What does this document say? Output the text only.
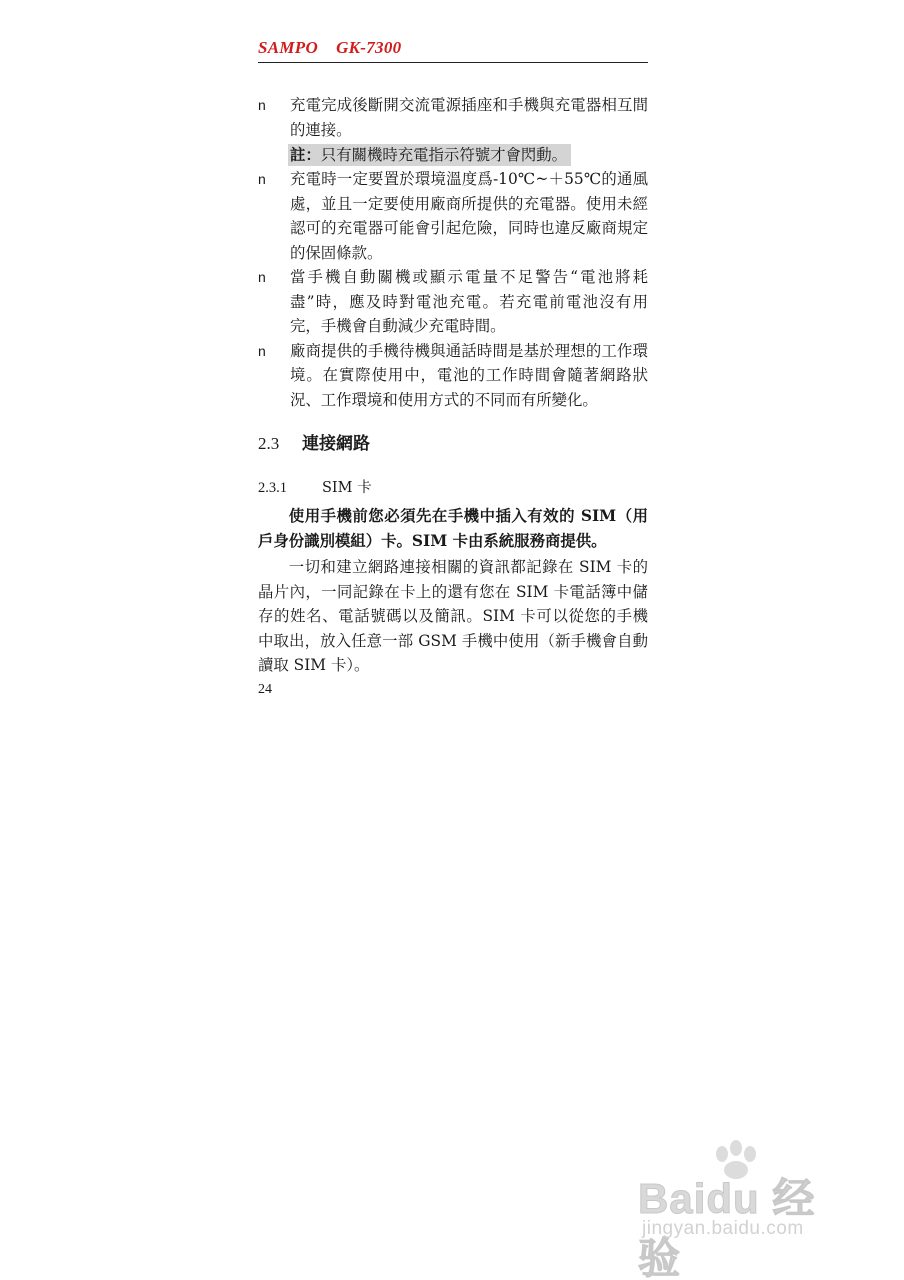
SAMPO GK-7300
n 充電完成後斷開交流電源插座和手機與充電器相互間的連接。
註：只有關機時充電指示符號才會閃動。
n 充電時一定要置於環境溫度爲-10℃~＋55℃的通風處，並且一定要使用廠商所提供的充電器。使用未經認可的充電器可能會引起危險，同時也違反廠商規定的保固條款。
n 當手機自動關機或顯示電量不足警告“電池將耗盡”時，應及時對電池充電。若充電前電池沒有用完，手機會自動減少充電時間。
n 廠商提供的手機待機與通話時間是基於理想的工作環境。在實際使用中，電池的工作時間會隨著網路狀況、工作環境和使用方式的不同而有所變化。
2.3 連接網路
2.3.1 SIM 卡
使用手機前您必須先在手機中插入有效的 SIM（用戶身份識別模組）卡。SIM 卡由系統服務商提供。
一切和建立網路連接相關的資訊都記錄在 SIM 卡的晶片內，一同記錄在卡上的還有您在 SIM 卡電話簿中儲存的姓名、電話號碼以及簡訊。SIM 卡可以從您的手機中取出，放入任意一部 GSM 手機中使用（新手機會自動讀取 SIM 卡）。
24
Baidu 经验
jingyan.baidu.com
